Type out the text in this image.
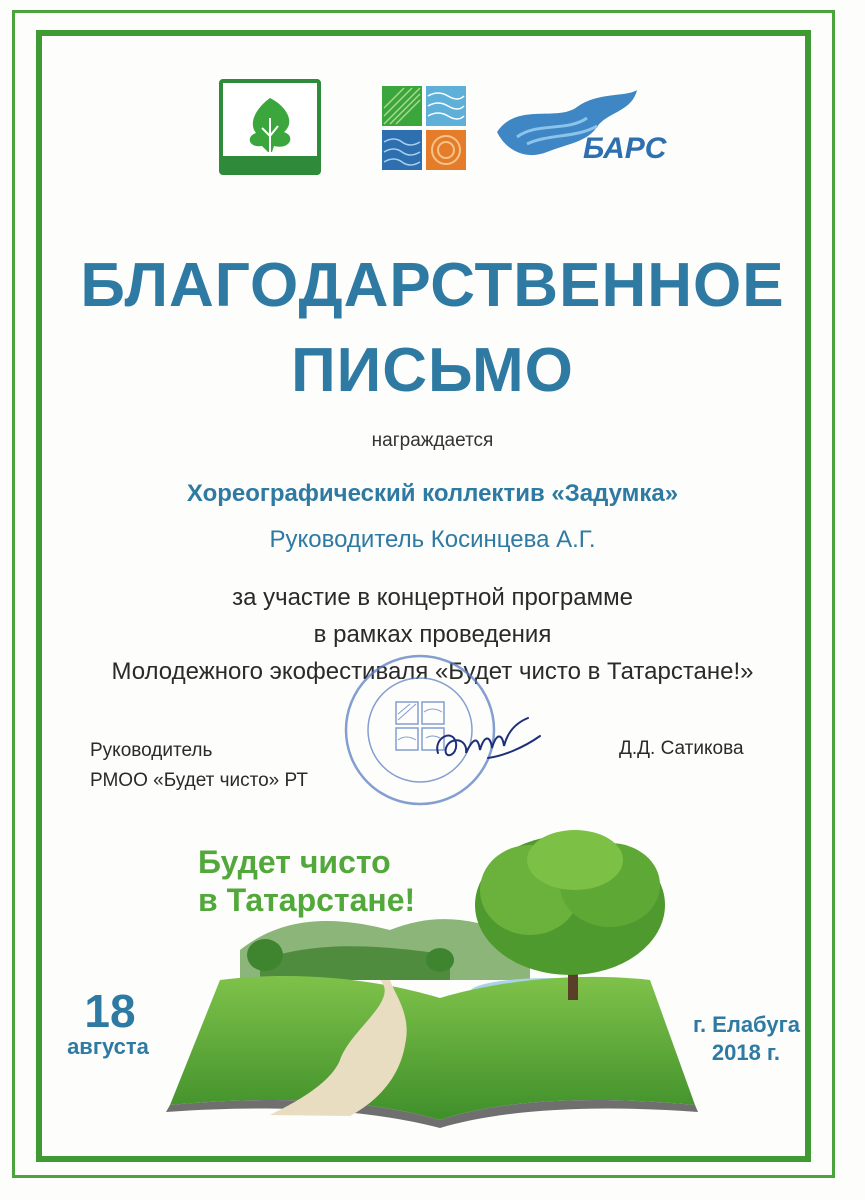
БАРС
БЛАГОДАРСТВЕННОЕ
ПИСЬМО
награждается
Хореографический коллектив «Задумка»
Руководитель Косинцева А.Г.
за участие в концертной программе
в рамках проведения
Молодежного экофестиваля «Будет чисто в Татарстане!»
Руководитель
РМОО «Будет чисто» РТ
Д.Д. Сатикова
Будет чисто
в Татарстане!
18
августа
г. Елабуга
2018 г.
